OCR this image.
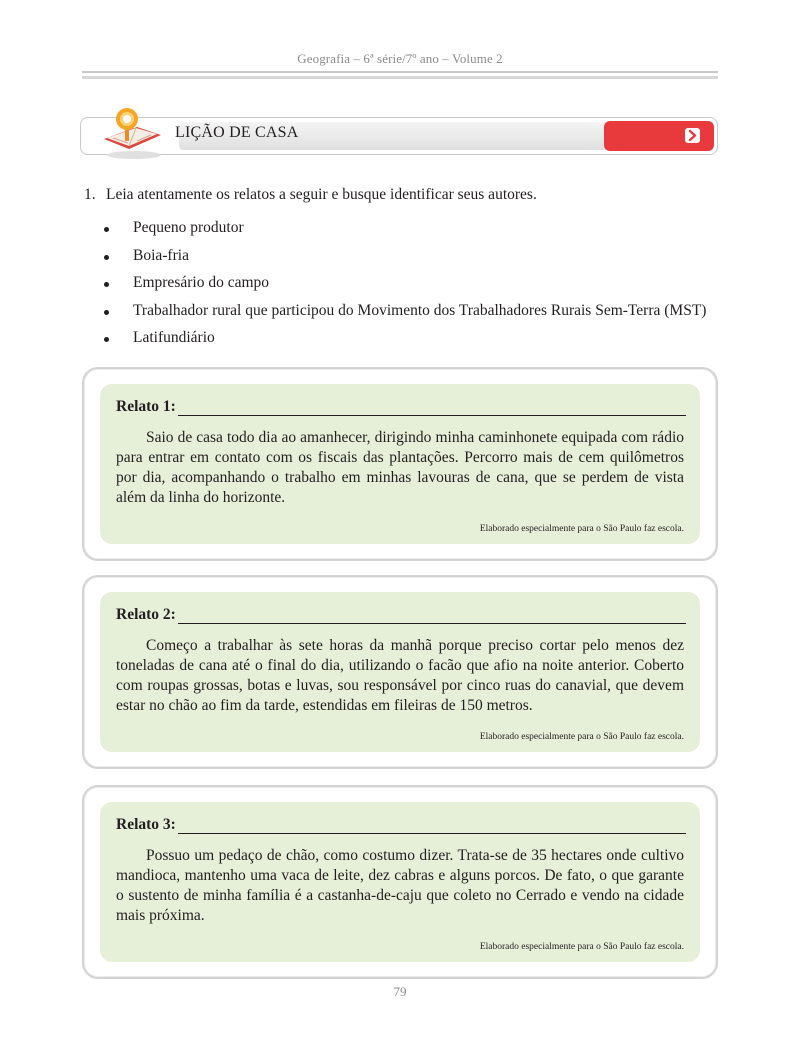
Geografia – 6ª série/7º ano – Volume 2
LIÇÃO DE CASA
1. Leia atentamente os relatos a seguir e busque identificar seus autores.
Pequeno produtor
Boia-fria
Empresário do campo
Trabalhador rural que participou do Movimento dos Trabalhadores Rurais Sem-Terra (MST)
Latifundiário
Relato 1:
Saio de casa todo dia ao amanhecer, dirigindo minha caminhonete equipada com rádio para entrar em contato com os fiscais das plantações. Percorro mais de cem quilômetros por dia, acompanhando o trabalho em minhas lavouras de cana, que se perdem de vista além da linha do horizonte.
Elaborado especialmente para o São Paulo faz escola.
Relato 2:
Começo a trabalhar às sete horas da manhã porque preciso cortar pelo menos dez toneladas de cana até o final do dia, utilizando o facão que afio na noite anterior. Coberto com roupas grossas, botas e luvas, sou responsável por cinco ruas do canavial, que devem estar no chão ao fim da tarde, estendidas em fileiras de 150 metros.
Elaborado especialmente para o São Paulo faz escola.
Relato 3:
Possuo um pedaço de chão, como costumo dizer. Trata-se de 35 hectares onde cultivo mandioca, mantenho uma vaca de leite, dez cabras e alguns porcos. De fato, o que garante o sustento de minha família é a castanha-de-caju que coleto no Cerrado e vendo na cidade mais próxima.
Elaborado especialmente para o São Paulo faz escola.
79
